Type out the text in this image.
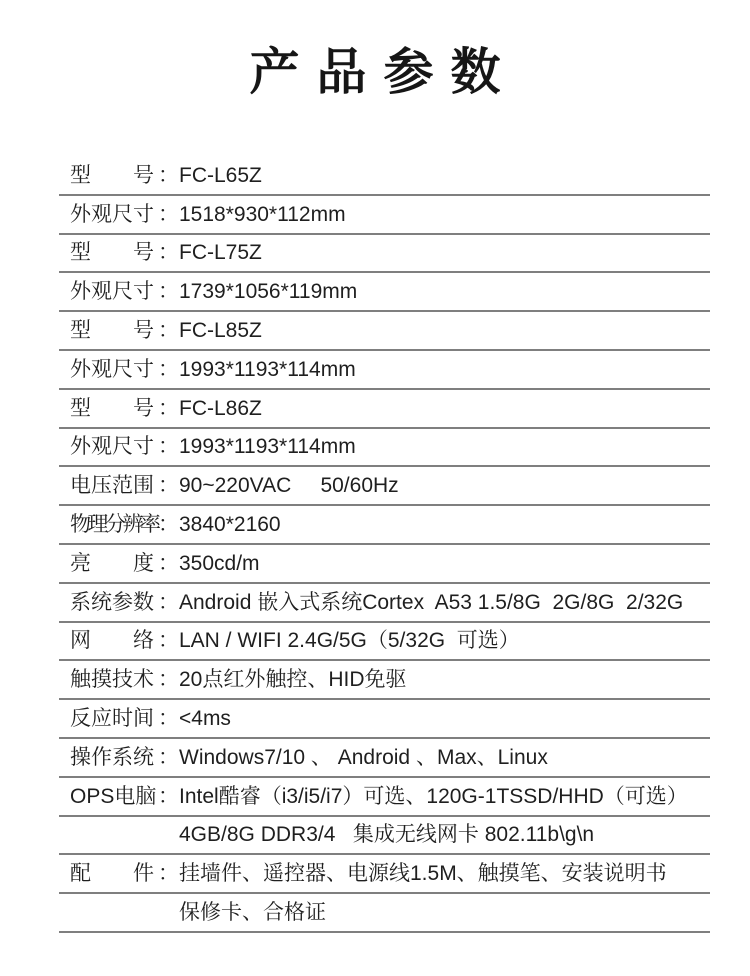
产品参数
型　　号 ： FC-L65Z
外观尺寸 ： 1518*930*112mm
型　　号 ： FC-L75Z
外观尺寸 ： 1739*1056*119mm
型　　号 ： FC-L85Z
外观尺寸 ： 1993*1193*114mm
型　　号 ： FC-L86Z
外观尺寸 ： 1993*1193*114mm
电压范围 ： 90~220VAC     50/60Hz
物理分辨率 ： 3840*2160
亮　　度 ： 350cd/m
系统参数 ： Android 嵌入式系统Cortex  A53 1.5/8G  2G/8G  2/32G
网　　络 ： LAN / WIFI 2.4G/5G（5/32G  可选）
触摸技术 ： 20点红外触控、HID免驱
反应时间 ： <4ms
操作系统 ： Windows7/10 、 Android 、Max、Linux
OPS电脑 ： Intel酷睿（i3/i5/i7）可选、120G-1TSSD/HHD（可选）
4GB/8G DDR3/4   集成无线网卡 802.11b\g\n
配　　件 ： 挂墙件、遥控器、电源线1.5M、触摸笔、安装说明书
保修卡、合格证
